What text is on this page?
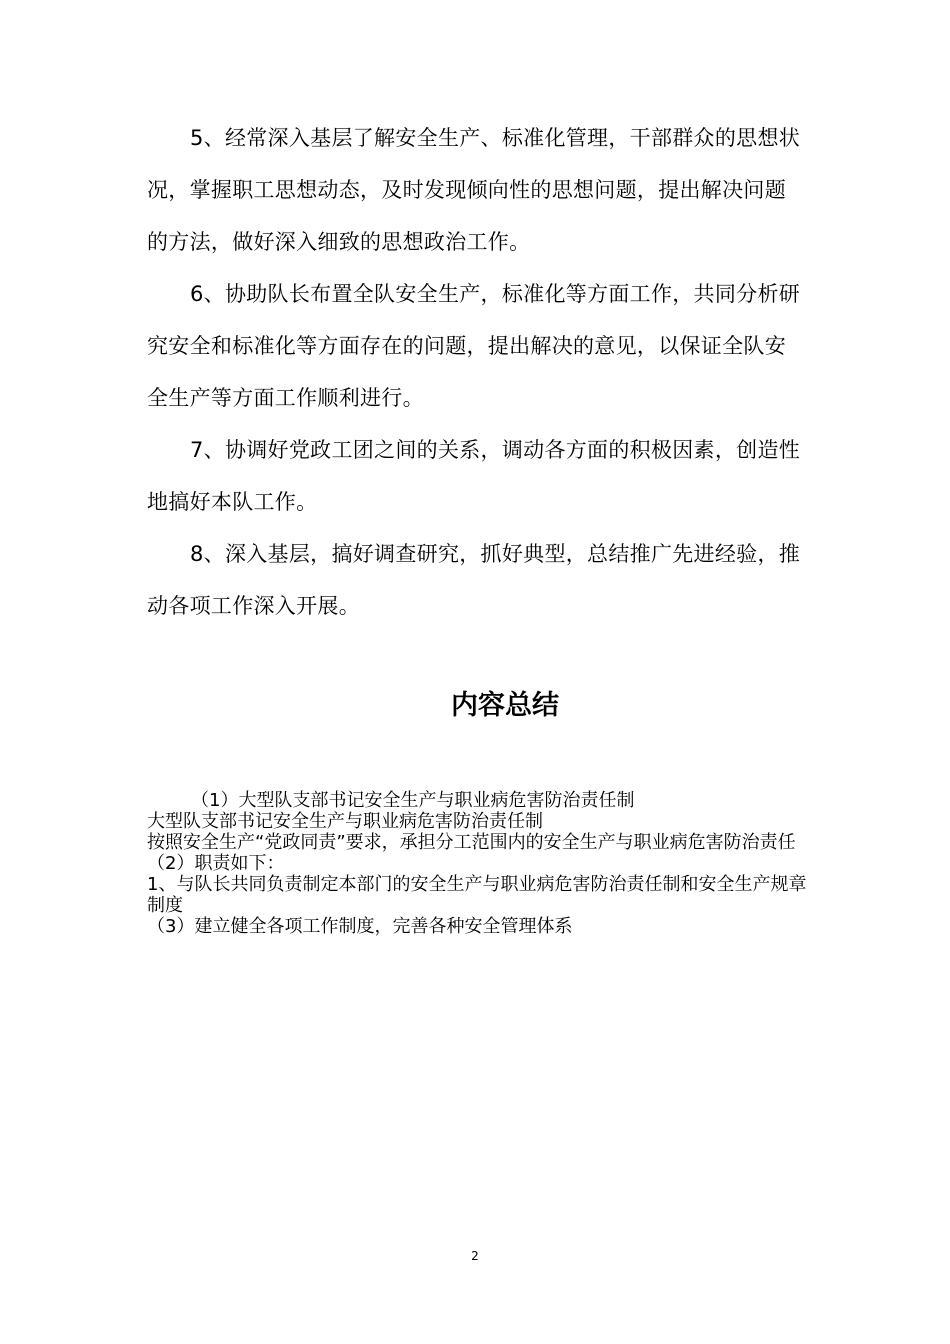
5、经常深入基层了解安全生产、标准化管理，干部群众的思想状况，掌握职工思想动态，及时发现倾向性的思想问题，提出解决问题的方法，做好深入细致的思想政治工作。

6、协助队长布置全队安全生产，标准化等方面工作，共同分析研究安全和标准化等方面存在的问题，提出解决的意见，以保证全队安全生产等方面工作顺利进行。

7、协调好党政工团之间的关系，调动各方面的积极因素，创造性地搞好本队工作。

8、深入基层，搞好调查研究，抓好典型，总结推广先进经验，推动各项工作深入开展。

内容总结

（1）大型队支部书记安全生产与职业病危害防治责任制

大型队支部书记安全生产与职业病危害防治责任制

按照安全生产“党政同责”要求，承担分工范围内的安全生产与职业病危害防治责任

（2）职责如下：

1、与队长共同负责制定本部门的安全生产与职业病危害防治责任制和安全生产规章制度

（3）建立健全各项工作制度，完善各种安全管理体系

2
